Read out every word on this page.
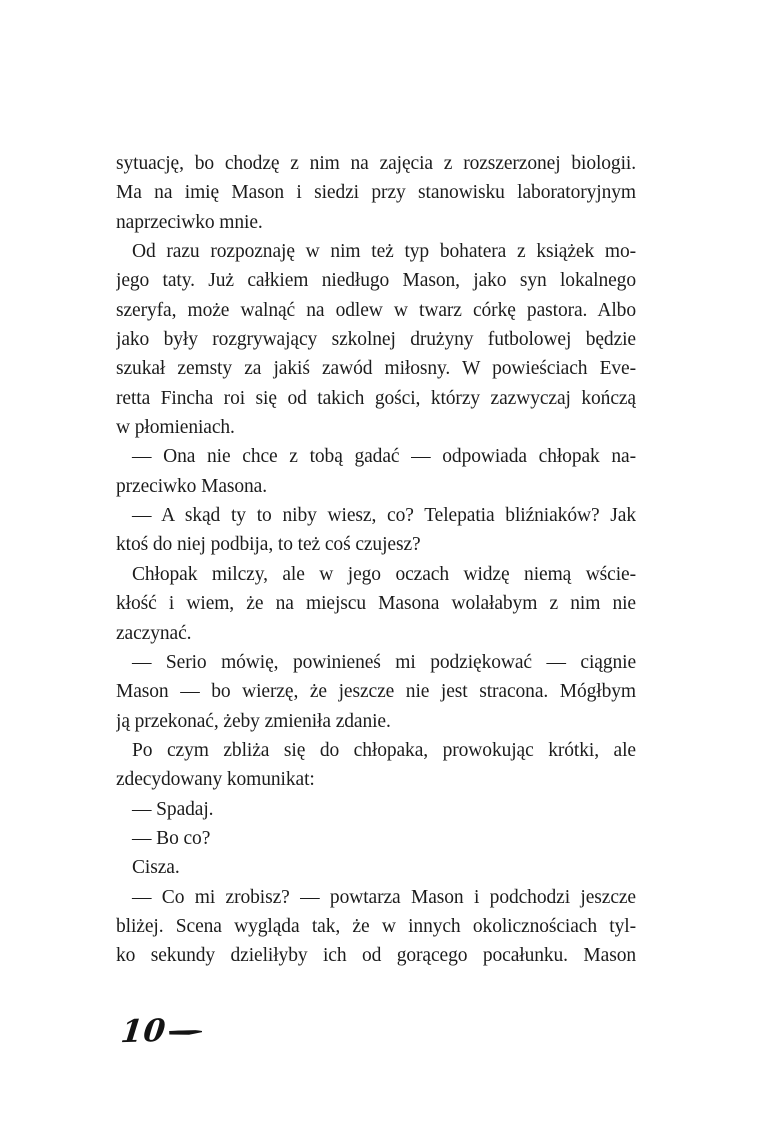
sytuację, bo chodzę z nim na zajęcia z rozszerzonej biologii.
Ma na imię Mason i siedzi przy stanowisku laboratoryjnym
naprzeciwko mnie.
Od razu rozpoznaję w nim też typ bohatera z książek mo-
jego taty. Już całkiem niedługo Mason, jako syn lokalnego
szeryfa, może walnąć na odlew w twarz córkę pastora. Albo
jako były rozgrywający szkolnej drużyny futbolowej będzie
szukał zemsty za jakiś zawód miłosny. W powieściach Eve-
retta Fincha roi się od takich gości, którzy zazwyczaj kończą
w płomieniach.
— Ona nie chce z tobą gadać — odpowiada chłopak na-
przeciwko Masona.
— A skąd ty to niby wiesz, co? Telepatia bliźniaków? Jak
ktoś do niej podbija, to też coś czujesz?
Chłopak milczy, ale w jego oczach widzę niemą wście-
kłość i wiem, że na miejscu Masona wolałabym z nim nie
zaczynać.
— Serio mówię, powinieneś mi podziękować — ciągnie
Mason — bo wierzę, że jeszcze nie jest stracona. Mógłbym
ją przekonać, żeby zmieniła zdanie.
Po czym zbliża się do chłopaka, prowokując krótki, ale
zdecydowany komunikat:
— Spadaj.
— Bo co?
Cisza.
— Co mi zrobisz? — powtarza Mason i podchodzi jeszcze
bliżej. Scena wygląda tak, że w innych okolicznościach tyl-
ko sekundy dzieliłyby ich od gorącego pocałunku. Mason
10
